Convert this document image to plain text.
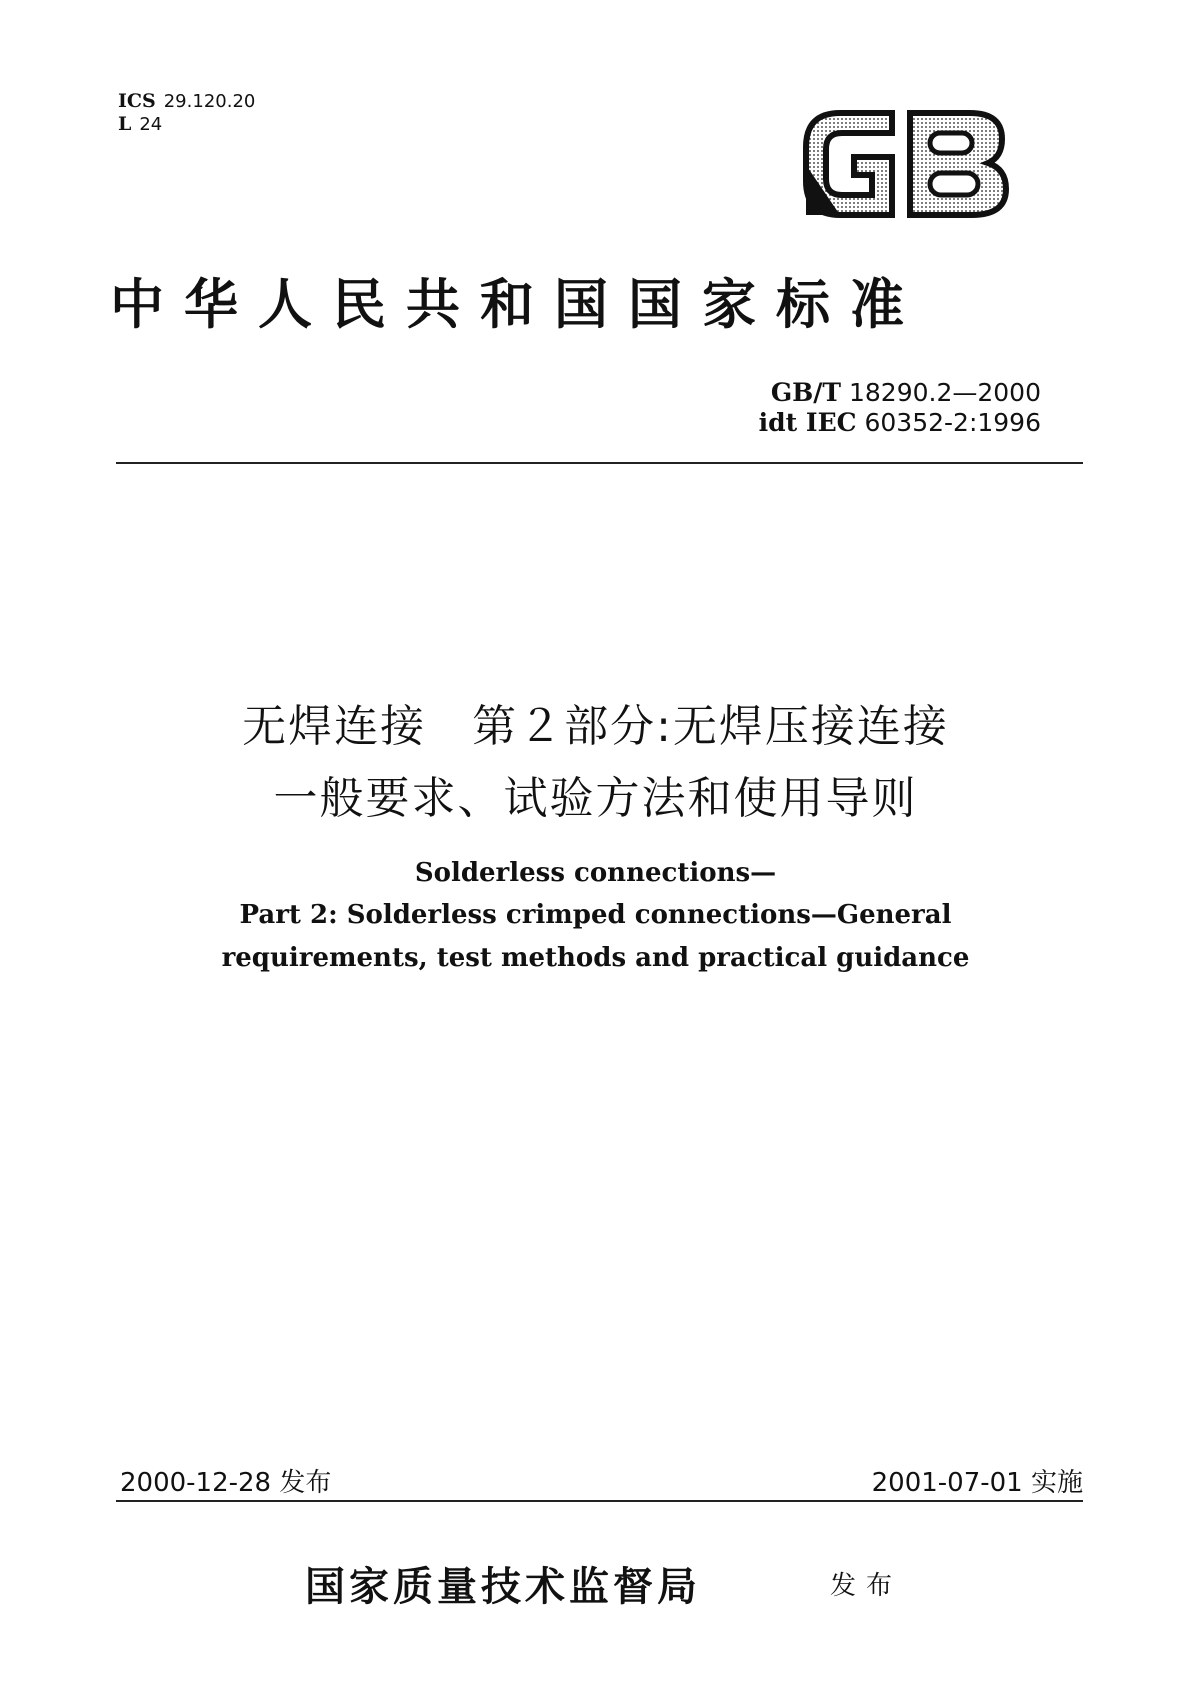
ICS 29.120.20
L 24
中华人民共和国国家标准
GB/T 18290.2—2000
idt IEC 60352-2:1996
无焊连接　第２部分:无焊压接连接
一般要求、试验方法和使用导则
Solderless connections—
Part 2: Solderless crimped connections—General
requirements, test methods and practical guidance
2000-12-28 发布	2001-07-01 实施
国家质量技术监督局	发布
